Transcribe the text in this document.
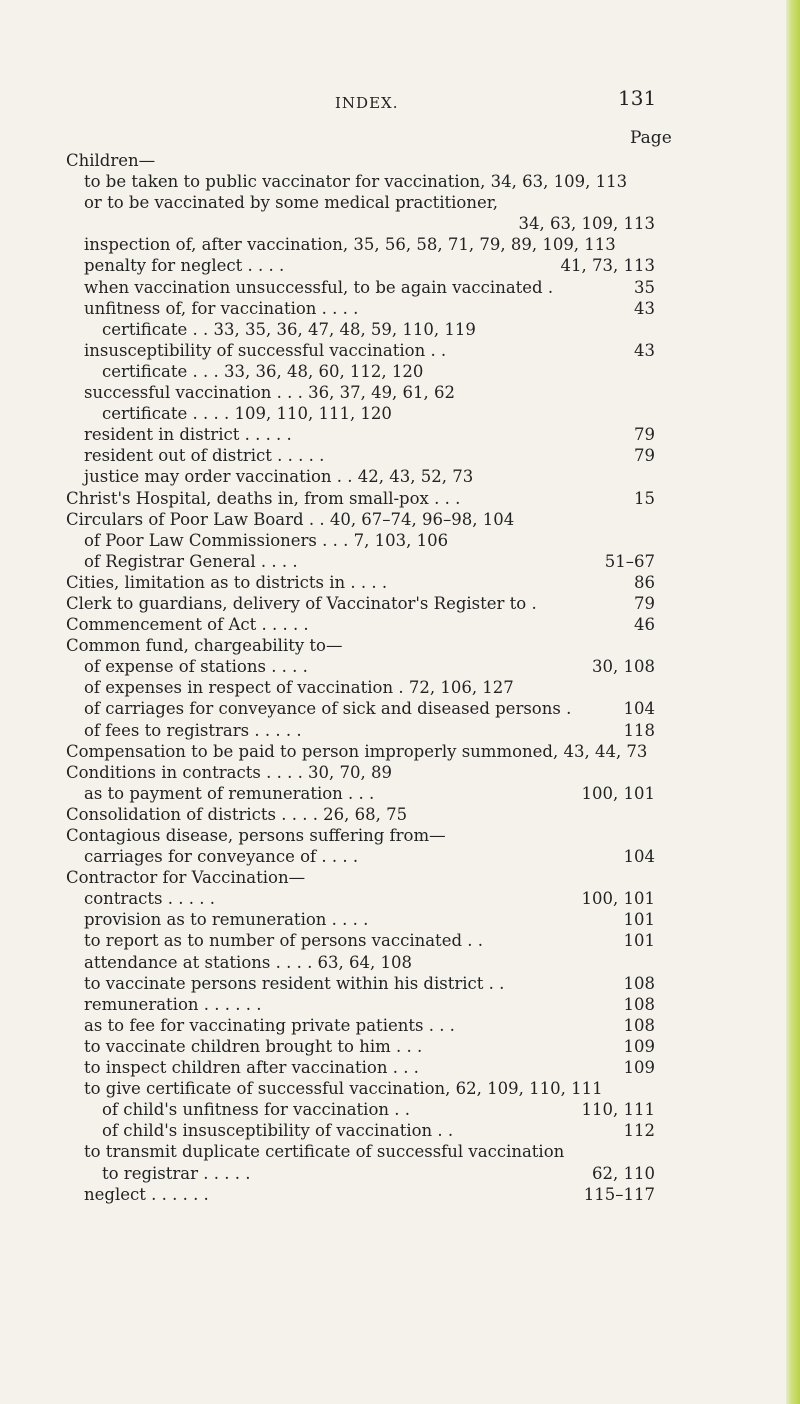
INDEX.	131
Page
Children—
to be taken to public vaccinator for vaccination, 34, 63, 109, 113
or to be vaccinated by some medical practitioner,
34, 63, 109, 113
inspection of, after vaccination, 35, 56, 58, 71, 79, 89, 109, 113
penalty for neglect . . . .	41, 73, 113
when vaccination unsuccessful, to be again vaccinated .	35
unfitness of, for vaccination . . . .	43
certificate . . 33, 35, 36, 47, 48, 59, 110, 119
insusceptibility of successful vaccination . .	43
certificate . . . 33, 36, 48, 60, 112, 120
successful vaccination . . . 36, 37, 49, 61, 62
certificate . . . . 109, 110, 111, 120
resident in district . . . . .	79
resident out of district . . . . .	79
justice may order vaccination . . 42, 43, 52, 73
Christ's Hospital, deaths in, from small-pox . . .	15
Circulars of Poor Law Board . . 40, 67–74, 96–98, 104
of Poor Law Commissioners . . . 7, 103, 106
of Registrar General . . . .	51–67
Cities, limitation as to districts in . . . .	86
Clerk to guardians, delivery of Vaccinator's Register to .	79
Commencement of Act . . . . .	46
Common fund, chargeability to—
of expense of stations . . . .	30, 108
of expenses in respect of vaccination . 72, 106, 127
of carriages for conveyance of sick and diseased persons .	104
of fees to registrars . . . . .	118
Compensation to be paid to person improperly summoned, 43, 44, 73
Conditions in contracts . . . . 30, 70, 89
as to payment of remuneration . . .	100, 101
Consolidation of districts . . . . 26, 68, 75
Contagious disease, persons suffering from—
carriages for conveyance of . . . .	104
Contractor for Vaccination—
contracts . . . . .	100, 101
provision as to remuneration . . . .	101
to report as to number of persons vaccinated . .	101
attendance at stations . . . . 63, 64, 108
to vaccinate persons resident within his district . .	108
remuneration . . . . . .	108
as to fee for vaccinating private patients . . .	108
to vaccinate children brought to him . . .	109
to inspect children after vaccination . . .	109
to give certificate of successful vaccination, 62, 109, 110, 111
of child's unfitness for vaccination . .	110, 111
of child's insusceptibility of vaccination . .	112
to transmit duplicate certificate of successful vaccination
to registrar . . . . .	62, 110
neglect . . . . . .	115–117
